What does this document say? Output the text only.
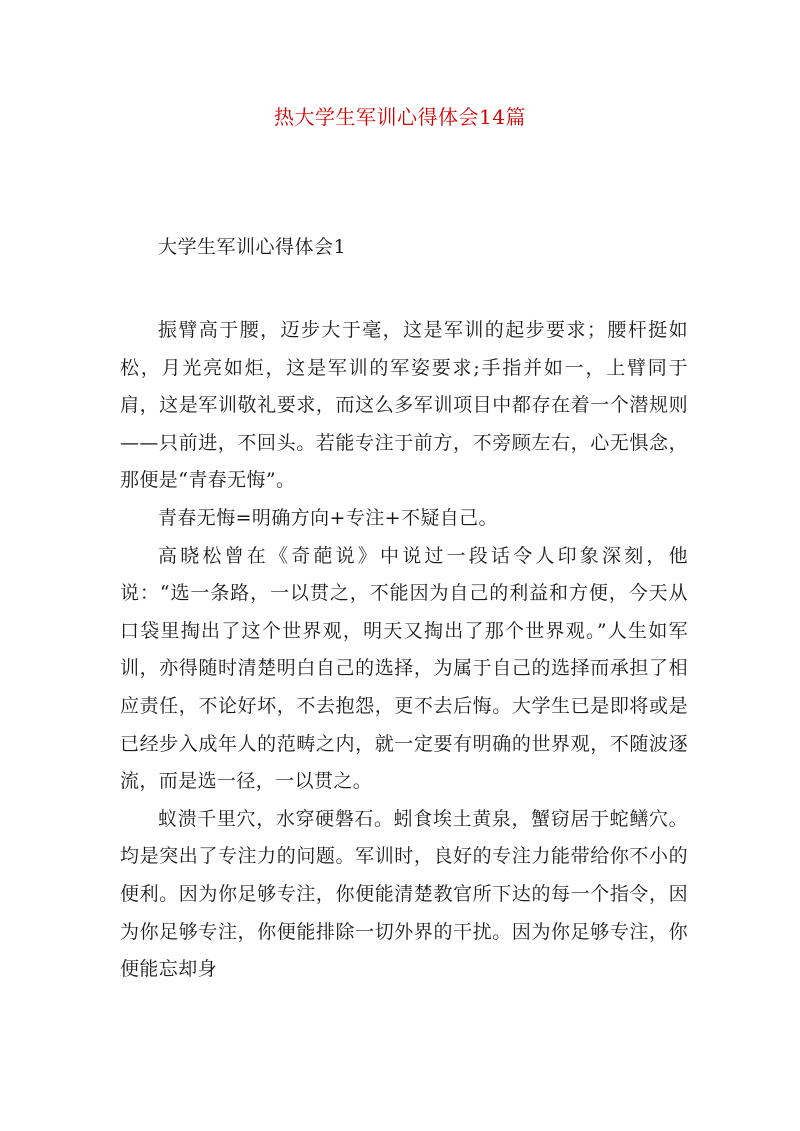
热大学生军训心得体会14篇
大学生军训心得体会1

振臂高于腰，迈步大于毫，这是军训的起步要求；腰杆挺如松，月光亮如炬，这是军训的军姿要求;手指并如一，上臂同于肩，这是军训敬礼要求，而这么多军训项目中都存在着一个潜规则——只前进，不回头。若能专注于前方，不旁顾左右，心无惧念，那便是“青春无悔”。

青春无悔=明确方向+专注+不疑自己。

高晓松曾在《奇葩说》中说过一段话令人印象深刻，他说：“选一条路，一以贯之，不能因为自己的利益和方便，今天从口袋里掏出了这个世界观，明天又掏出了那个世界观。”人生如军训，亦得随时清楚明白自己的选择，为属于自己的选择而承担了相应责任，不论好坏，不去抱怨，更不去后悔。大学生已是即将或是已经步入成年人的范畴之内，就一定要有明确的世界观，不随波逐流，而是选一径，一以贯之。

蚁溃千里穴，水穿硬磐石。蚓食埃土黄泉，蟹窃居于蛇鳝穴。均是突出了专注力的问题。军训时，良好的专注力能带给你不小的便利。因为你足够专注，你便能清楚教官所下达的每一个指令，因为你足够专注，你便能排除一切外界的干扰。因为你足够专注，你便能忘却身
